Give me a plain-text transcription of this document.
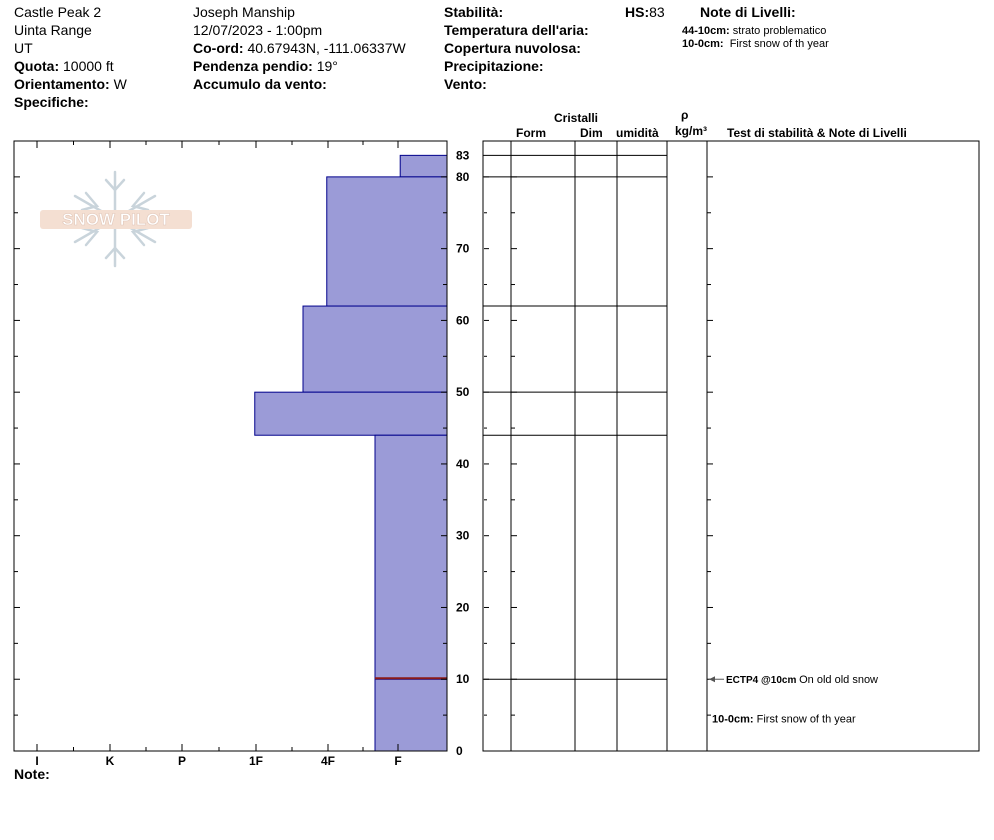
Castle Peak 2
Uinta Range
UT
Quota: 10000 ft
Orientamento: W
Specifiche:
Joseph Manship
12/07/2023 - 1:00pm
Co-ord: 40.67943N, -111.06337W
Pendenza pendio: 19°
Accumulo da vento:
Stabilità:
Temperatura dell'aria:
Copertura nuvolosa:
Precipitazione:
Vento:
HS:83	Note di Livelli:
44-10cm: strato problematico
10-0cm: First snow of th year
Cristalli
Form	Dim umidità
ρ
kg/m³ Test di stabilità & Note di Livelli
Note:
SNOW PILOT
0
10
20
30
40
50
60
70
80
83
I	K	P	1F	4F	F
ECTP4 @10cm On old old snow
10-0cm: First snow of th year
